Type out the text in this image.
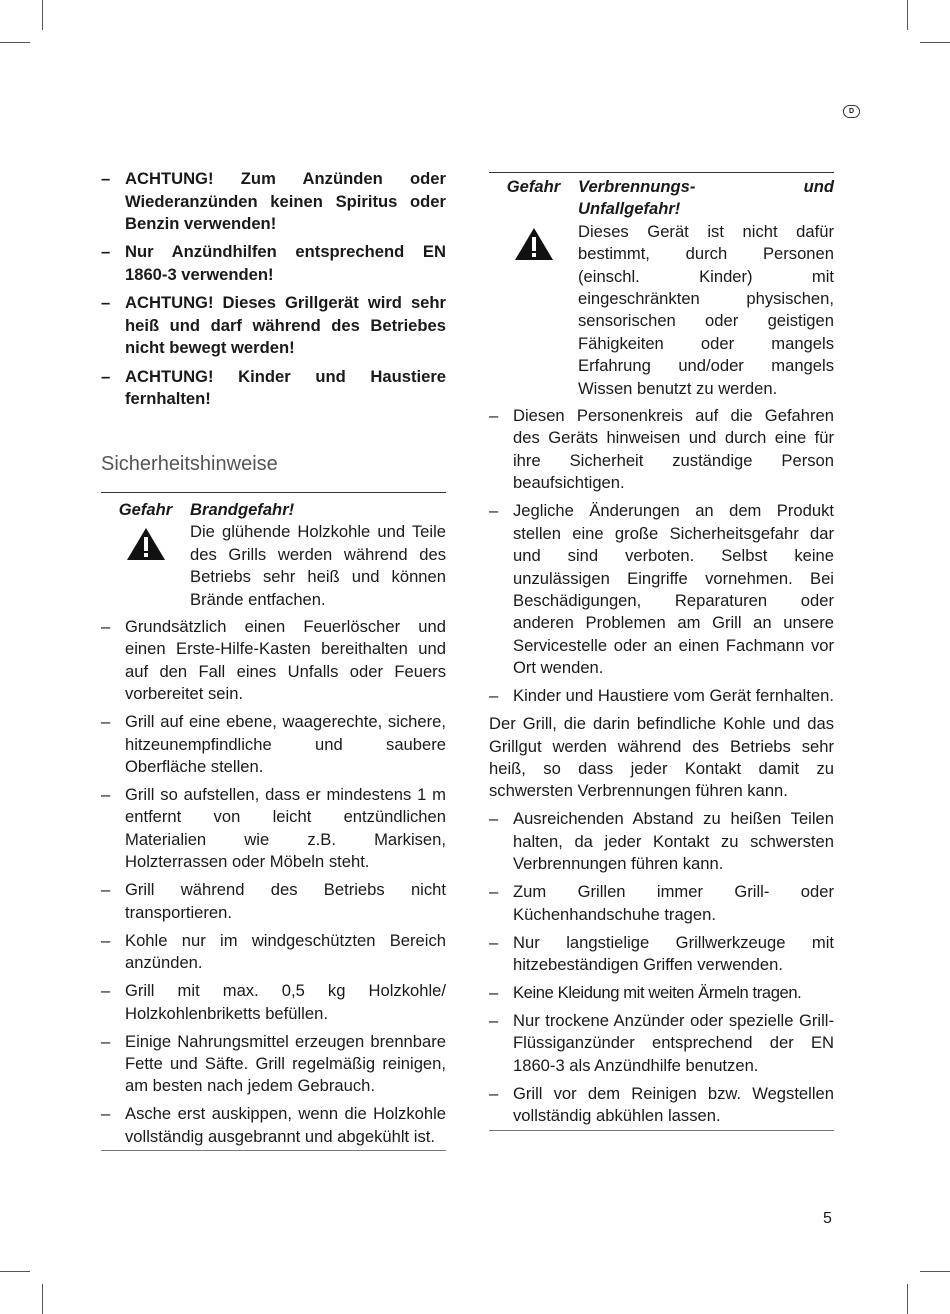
D
– ACHTUNG! Zum Anzünden oder Wiederanzünden keinen Spiritus oder Benzin verwenden!
– Nur Anzündhilfen entsprechend EN 1860-3 verwenden!
– ACHTUNG! Dieses Grillgerät wird sehr heiß und darf während des Betriebes nicht bewegt werden!
– ACHTUNG! Kinder und Haustiere fernhalten!
Sicherheitshinweise
Gefahr	Brandgefahr!
Die glühende Holzkohle und Teile des Grills werden während des Betriebs sehr heiß und können Brände entfachen.
– Grundsätzlich einen Feuerlöscher und einen Erste-Hilfe-Kasten bereithalten und auf den Fall eines Unfalls oder Feuers vorbereitet sein.
– Grill auf eine ebene, waagerechte, sichere, hitzeunempfindliche und saubere Oberfläche stellen.
– Grill so aufstellen, dass er mindestens 1 m entfernt von leicht entzündlichen Materialien wie z.B. Markisen, Holzterrassen oder Möbeln steht.
– Grill während des Betriebs nicht transportieren.
– Kohle nur im windgeschützten Bereich anzünden.
– Grill mit max. 0,5 kg Holzkohle/ Holzkohlenbriketts befüllen.
– Einige Nahrungsmittel erzeugen brennbare Fette und Säfte. Grill regelmäßig reinigen, am besten nach jedem Gebrauch.
– Asche erst auskippen, wenn die Holzkohle vollständig ausgebrannt und abgekühlt ist.
Gefahr	Verbrennungs- und Unfallgefahr!
Dieses Gerät ist nicht dafür bestimmt, durch Personen (einschl. Kinder) mit eingeschränkten physischen, sensorischen oder geistigen Fähigkeiten oder mangels Erfahrung und/oder mangels Wissen benutzt zu werden.
– Diesen Personenkreis auf die Gefahren des Geräts hinweisen und durch eine für ihre Sicherheit zuständige Person beaufsichtigen.
– Jegliche Änderungen an dem Produkt stellen eine große Sicherheitsgefahr dar und sind verboten. Selbst keine unzulässigen Eingriffe vornehmen. Bei Beschädigungen, Reparaturen oder anderen Problemen am Grill an unsere Servicestelle oder an einen Fachmann vor Ort wenden.
– Kinder und Haustiere vom Gerät fernhalten.

Der Grill, die darin befindliche Kohle und das Grillgut werden während des Betriebs sehr heiß, so dass jeder Kontakt damit zu schwersten Verbrennungen führen kann.

– Ausreichenden Abstand zu heißen Teilen halten, da jeder Kontakt zu schwersten Verbrennungen führen kann.
– Zum Grillen immer Grill- oder Küchenhandschuhe tragen.
– Nur langstielige Grillwerkzeuge mit hitzebeständigen Griffen verwenden.
– Keine Kleidung mit weiten Ärmeln tragen.
– Nur trockene Anzünder oder spezielle Grill-Flüssiganzünder entsprechend der EN 1860-3 als Anzündhilfe benutzen.
– Grill vor dem Reinigen bzw. Wegstellen vollständig abkühlen lassen.
5
